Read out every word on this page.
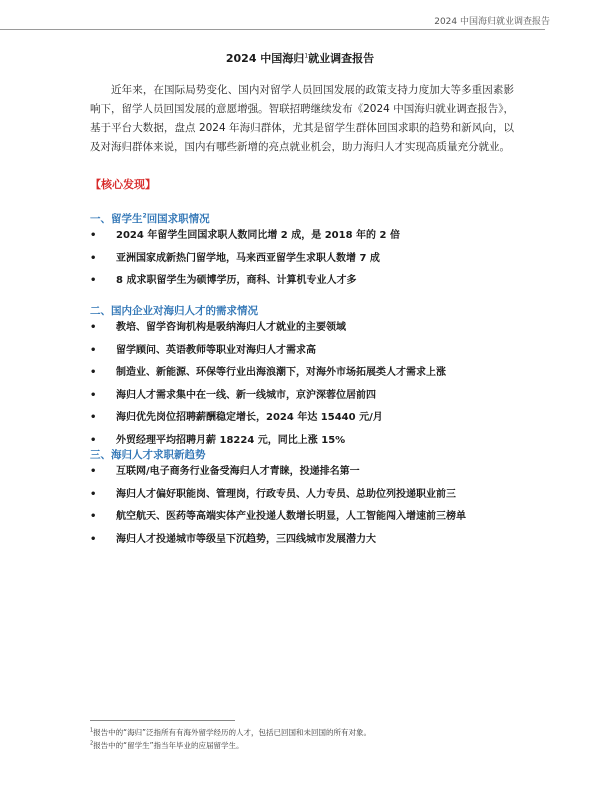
2024 中国海归就业调查报告
2024 中国海归$^1$就业调查报告

近年来，在国际局势变化、国内对留学人员回国发展的政策支持力度加大等多重因素影响下，留学人员回国发展的意愿增强。智联招聘继续发布《2024 中国海归就业调查报告》，基于平台大数据，盘点 2024 年海归群体，尤其是留学生群体回国求职的趋势和新风向，以及对海归群体来说，国内有哪些新增的亮点就业机会，助力海归人才实现高质量充分就业。

【核心发现】
一、留学生$^2$回国求职情况
• 2024 年留学生回国求职人数同比增 2 成，是 2018 年的 2 倍
• 亚洲国家成新热门留学地，马来西亚留学生求职人数增 7 成
• 8 成求职留学生为硕博学历，商科、计算机专业人才多
二、国内企业对海归人才的需求情况
• 教培、留学咨询机构是吸纳海归人才就业的主要领域
• 留学顾问、英语教师等职业对海归人才需求高
• 制造业、新能源、环保等行业出海浪潮下，对海外市场拓展类人才需求上涨
• 海归人才需求集中在一线、新一线城市，京沪深蓉位居前四
• 海归优先岗位招聘薪酬稳定增长，2024 年达 15440 元/月
• 外贸经理平均招聘月薪 18224 元，同比上涨 15%
三、海归人才求职新趋势
• 互联网/电子商务行业备受海归人才青睐，投递排名第一
• 海归人才偏好职能岗、管理岗，行政专员、人力专员、总助位列投递职业前三
• 航空航天、医药等高端实体产业投递人数增长明显，人工智能闯入增速前三榜单
• 海归人才投递城市等级呈下沉趋势，三四线城市发展潜力大
$^1$报告中的“海归”泛指所有有海外留学经历的人才，包括已回国和未回国的所有对象。
$^2$报告中的“留学生”指当年毕业的应届留学生。
